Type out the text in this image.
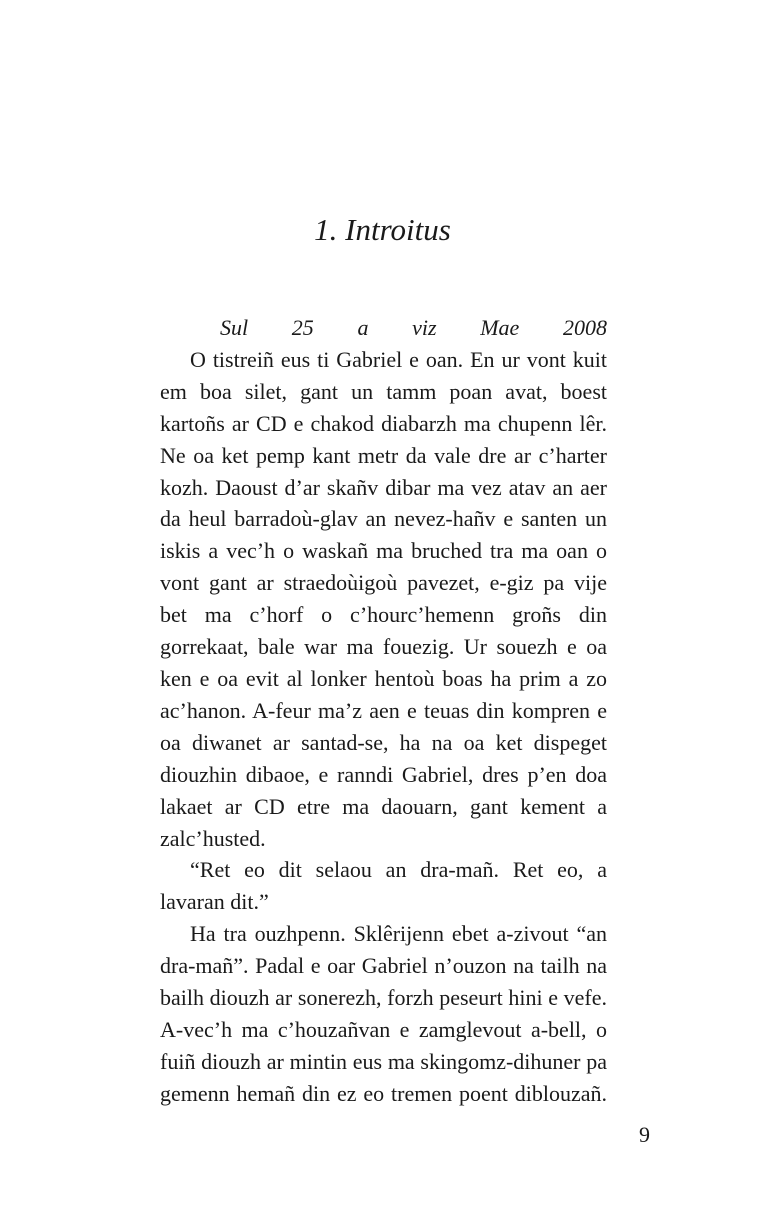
1. Introitus

Sul 25 a viz Mae 2008

O tistreiñ eus ti Gabriel e oan. En ur vont kuit em boa silet, gant un tamm poan avat, boest kartoñs ar CD e chakod diabarzh ma chupenn lêr. Ne oa ket pemp kant metr da vale dre ar c’harter kozh. Daoust d’ar skañv dibar ma vez atav an aer da heul barradoù-glav an nevez-hañv e santen un iskis a vec’h o waskañ ma bruched tra ma oan o vont gant ar straedoùigoù pavezet, e-giz pa vije bet ma c’horf o c’hourc’hemenn groñs din gorrekaat, bale war ma fouezig. Ur souezh e oa ken e oa evit al lonker hentoù boas ha prim a zo ac’hanon. A-feur ma’z aen e teuas din kompren e oa diwanet ar santad-se, ha na oa ket dispeget diouzhin dibaoe, e ranndi Gabriel, dres p’en doa lakaet ar CD etre ma daouarn, gant kement a zalc’husted.

“Ret eo dit selaou an dra-mañ. Ret eo, a lavaran dit.”

Ha tra ouzhpenn. Sklêrijenn ebet a-zivout “an dra-mañ”. Padal e oar Gabriel n’ouzon na tailh na bailh diouzh ar sonerezh, forzh peseurt hini e vefe. A-vec’h ma c’houzañvan e zamglevout a-bell, o fuiñ diouzh ar mintin eus ma skingomz-dihuner pa gemenn hemañ din ez eo tremen poent diblouzañ.

9
